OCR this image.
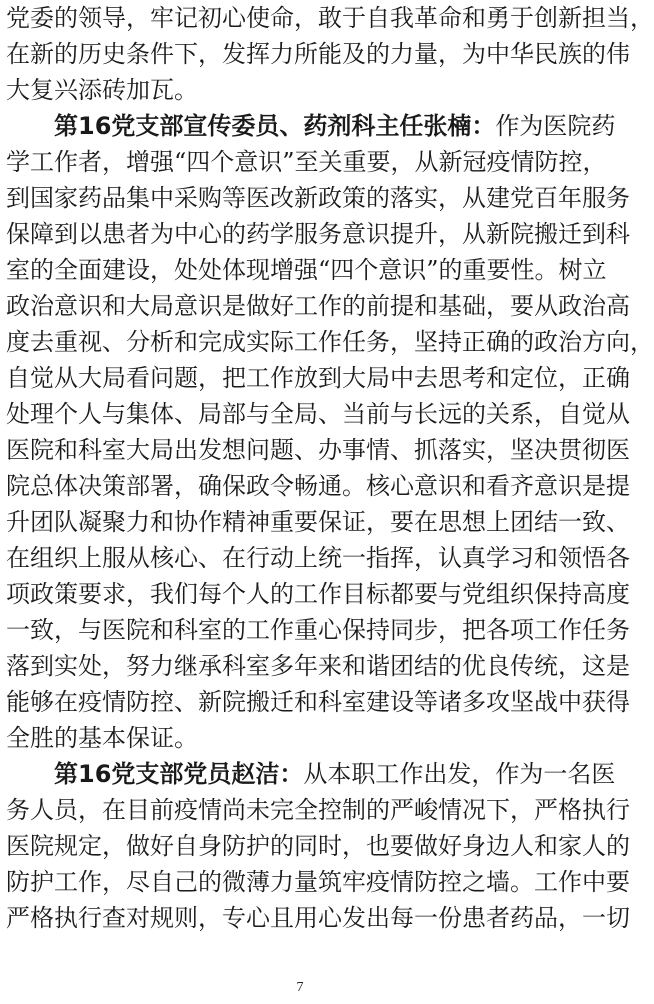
党委的领导，牢记初心使命，敢于自我革命和勇于创新担当，
在新的历史条件下，发挥力所能及的力量，为中华民族的伟
大复兴添砖加瓦。
第16党支部宣传委员、药剂科主任张楠：作为医院药
学工作者，增强“四个意识”至关重要，从新冠疫情防控，
到国家药品集中采购等医改新政策的落实，从建党百年服务
保障到以患者为中心的药学服务意识提升，从新院搬迁到科
室的全面建设，处处体现增强“四个意识”的重要性。树立
政治意识和大局意识是做好工作的前提和基础，要从政治高
度去重视、分析和完成实际工作任务，坚持正确的政治方向，
自觉从大局看问题，把工作放到大局中去思考和定位，正确
处理个人与集体、局部与全局、当前与长远的关系，自觉从
医院和科室大局出发想问题、办事情、抓落实，坚决贯彻医
院总体决策部署，确保政令畅通。核心意识和看齐意识是提
升团队凝聚力和协作精神重要保证，要在思想上团结一致、
在组织上服从核心、在行动上统一指挥，认真学习和领悟各
项政策要求，我们每个人的工作目标都要与党组织保持高度
一致，与医院和科室的工作重心保持同步，把各项工作任务
落到实处，努力继承科室多年来和谐团结的优良传统，这是
能够在疫情防控、新院搬迁和科室建设等诸多攻坚战中获得
全胜的基本保证。
第16党支部党员赵洁：从本职工作出发，作为一名医
务人员，在目前疫情尚未完全控制的严峻情况下，严格执行
医院规定，做好自身防护的同时，也要做好身边人和家人的
防护工作，尽自己的微薄力量筑牢疫情防控之墙。工作中要
严格执行查对规则，专心且用心发出每一份患者药品，一切
7
